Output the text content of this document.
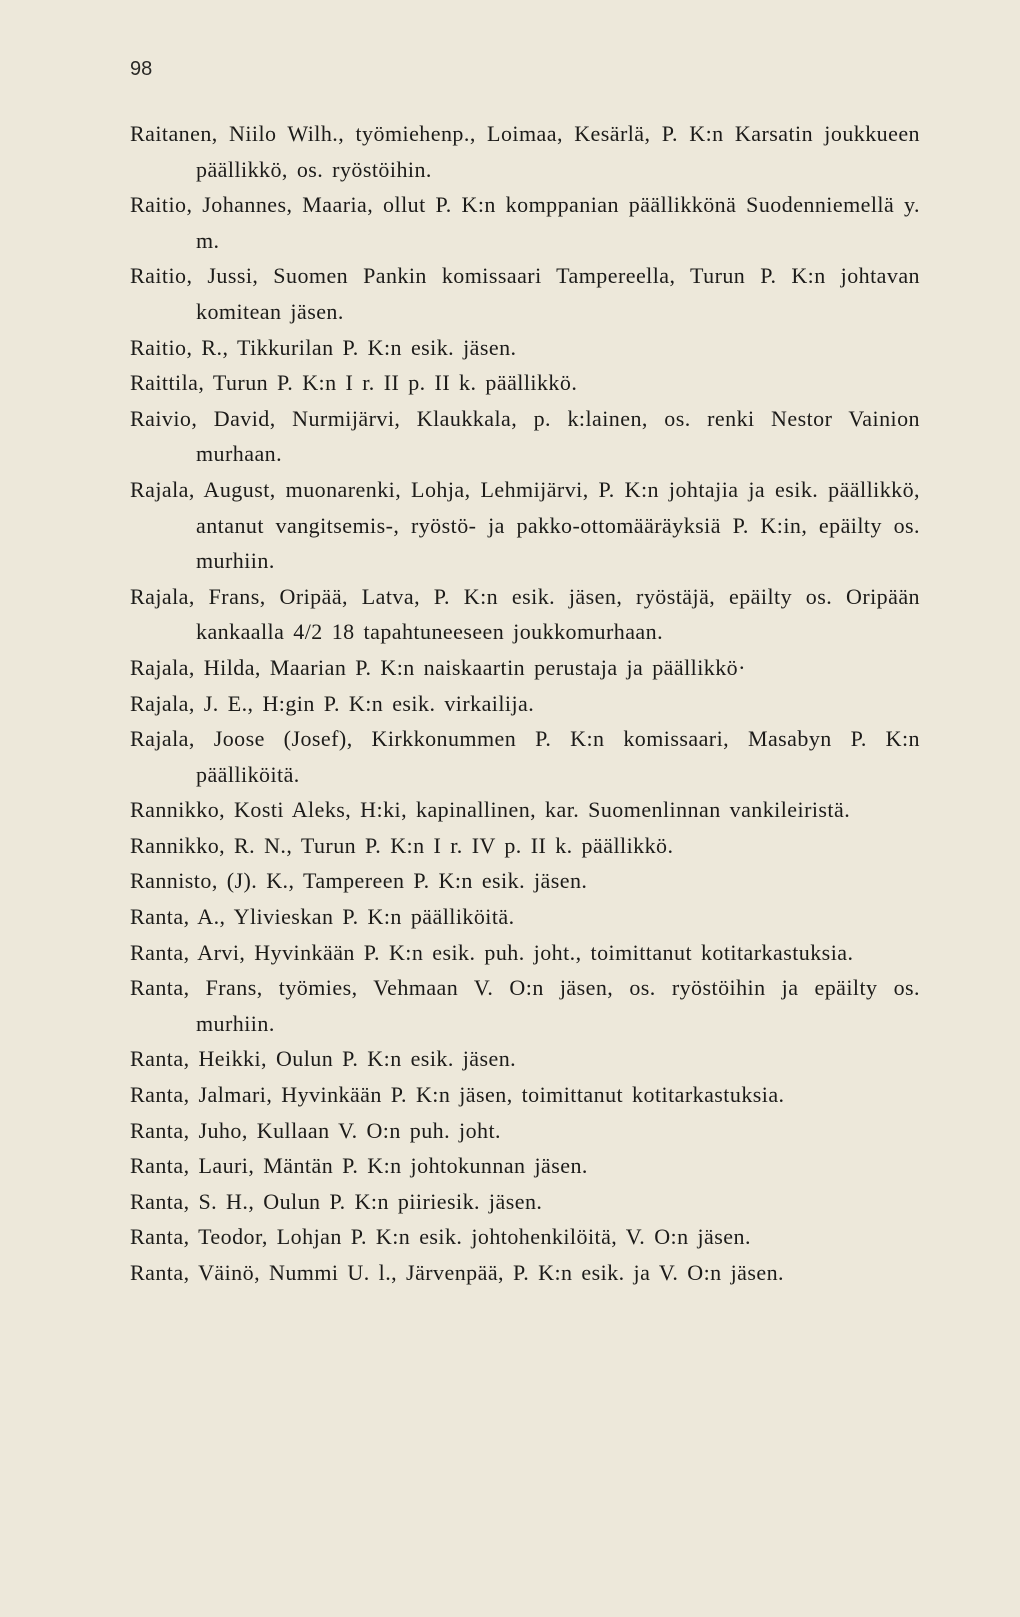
98

Raitanen, Niilo Wilh., työmiehenp., Loimaa, Kesärlä, P. K:n Karsatin joukkueen päällikkö, os. ryöstöihin.

Raitio, Johannes, Maaria, ollut P. K:n komppanian päällikkönä Suodenniemellä y. m.

Raitio, Jussi, Suomen Pankin komissaari Tampereella, Turun P. K:n johtavan komitean jäsen.

Raitio, R., Tikkurilan P. K:n esik. jäsen.

Raittila, Turun P. K:n I r. II p. II k. päällikkö.

Raivio, David, Nurmijärvi, Klaukkala, p. k:lainen, os. renki Nestor Vainion murhaan.

Rajala, August, muonarenki, Lohja, Lehmijärvi, P. K:n johtajia ja esik. päällikkö, antanut vangitsemis-, ryöstö- ja pakko-ottomääräyksiä P. K:in, epäilty os. murhiin.

Rajala, Frans, Oripää, Latva, P. K:n esik. jäsen, ryöstäjä, epäilty os. Oripään kankaalla 4/2 18 tapahtuneeseen joukkomurhaan.

Rajala, Hilda, Maarian P. K:n naiskaartin perustaja ja päällikkö·

Rajala, J. E., H:gin P. K:n esik. virkailija.

Rajala, Joose (Josef), Kirkkonummen P. K:n komissaari, Masabyn P. K:n päälliköitä.

Rannikko, Kosti Aleks, H:ki, kapinallinen, kar. Suomenlinnan vankileiristä.

Rannikko, R. N., Turun P. K:n I r. IV p. II k. päällikkö.

Rannisto, (J). K., Tampereen P. K:n esik. jäsen.

Ranta, A., Ylivieskan P. K:n päälliköitä.

Ranta, Arvi, Hyvinkään P. K:n esik. puh. joht., toimittanut kotitarkastuksia.

Ranta, Frans, työmies, Vehmaan V. O:n jäsen, os. ryöstöihin ja epäilty os. murhiin.

Ranta, Heikki, Oulun P. K:n esik. jäsen.

Ranta, Jalmari, Hyvinkään P. K:n jäsen, toimittanut kotitarkastuksia.

Ranta, Juho, Kullaan V. O:n puh. joht.

Ranta, Lauri, Mäntän P. K:n johtokunnan jäsen.

Ranta, S. H., Oulun P. K:n piiriesik. jäsen.

Ranta, Teodor, Lohjan P. K:n esik. johtohenkilöitä, V. O:n jäsen.

Ranta, Väinö, Nummi U. l., Järvenpää, P. K:n esik. ja V. O:n jäsen.
